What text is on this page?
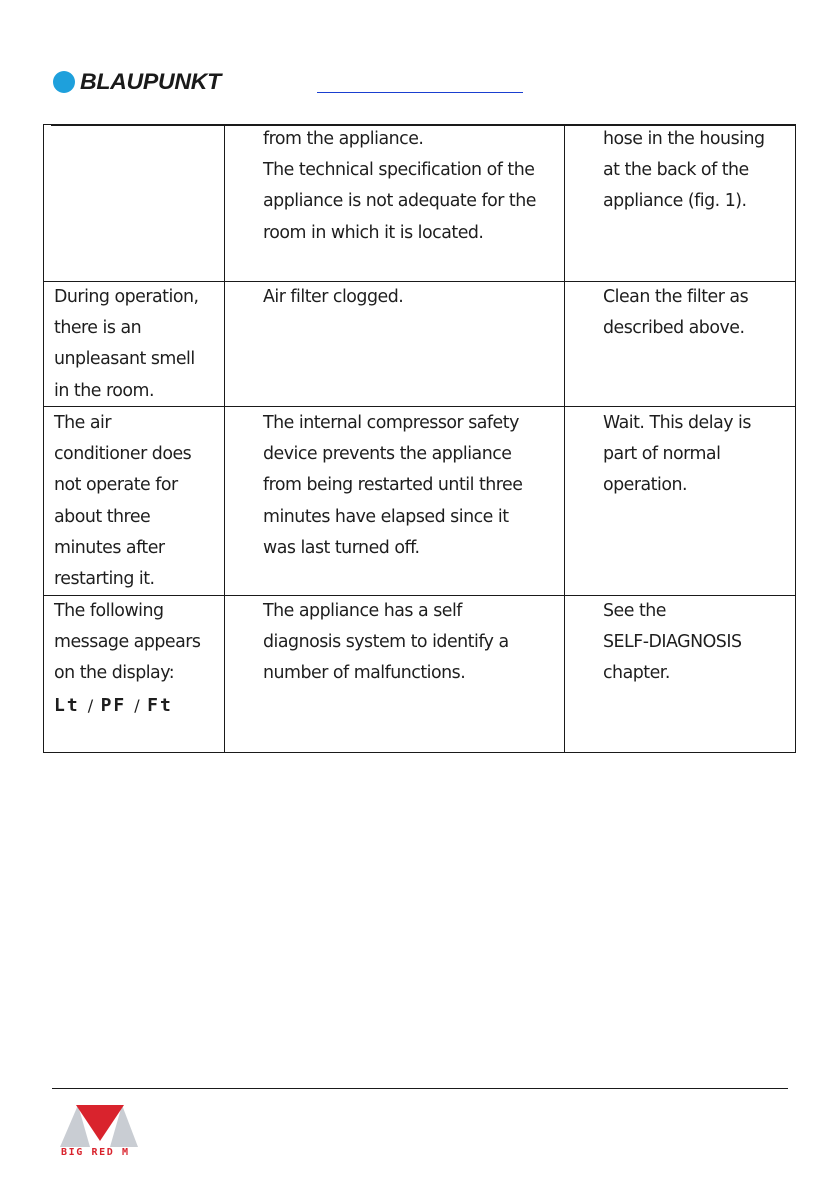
BLAUPUNKT
from the appliance.
The technical specification of the
appliance is not adequate for the
room in which it is located.
hose in the housing
at the back of the
appliance (fig. 1).
During operation,
there is an
unpleasant smell
in the room.
Air filter clogged.	Clean the filter as
described above.
The air
conditioner does
not operate for
about three
minutes after
restarting it.
The internal compressor safety
device prevents the appliance
from being restarted until three
minutes have elapsed since it
was last turned off.
Wait. This delay is
part of normal
operation.
The following
message appears
on the display:
Lt / PF / Ft
The appliance has a self
diagnosis system to identify a
number of malfunctions.
See the
SELF-DIAGNOSIS
chapter.
BIG RED M
